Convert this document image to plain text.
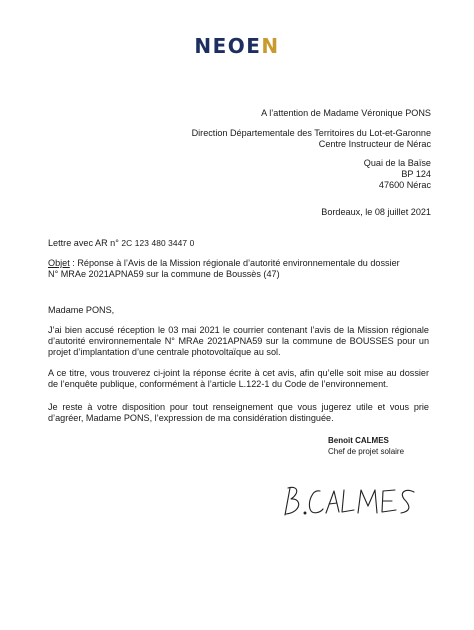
NEOEN
A l’attention de Madame Véronique PONS
Direction Départementale des Territoires du Lot-et-Garonne
Centre Instructeur de Nérac
Quai de la Baïse
BP 124
47600 Nérac
Bordeaux, le 08 juillet 2021
Lettre avec AR n° 2C 123 480 3447 0
Objet : Réponse à l’Avis de la Mission régionale d’autorité environnementale du dossier
N° MRAe 2021APNA59 sur la commune de Boussès (47)
Madame PONS,
J’ai bien accusé réception le 03 mai 2021 le courrier contenant l’avis de la Mission régionale d’autorité environnementale N° MRAe 2021APNA59 sur la commune de BOUSSES pour un projet d’implantation d’une centrale photovoltaïque au sol.
A ce titre, vous trouverez ci-joint la réponse écrite à cet avis, afin qu’elle soit mise au dossier de l’enquête publique, conformément à l’article L.122-1 du Code de l’environnement.
Je reste à votre disposition pour tout renseignement que vous jugerez utile et vous prie d’agréer, Madame PONS, l’expression de ma considération distinguée.
Benoit CALMES
Chef de projet solaire
